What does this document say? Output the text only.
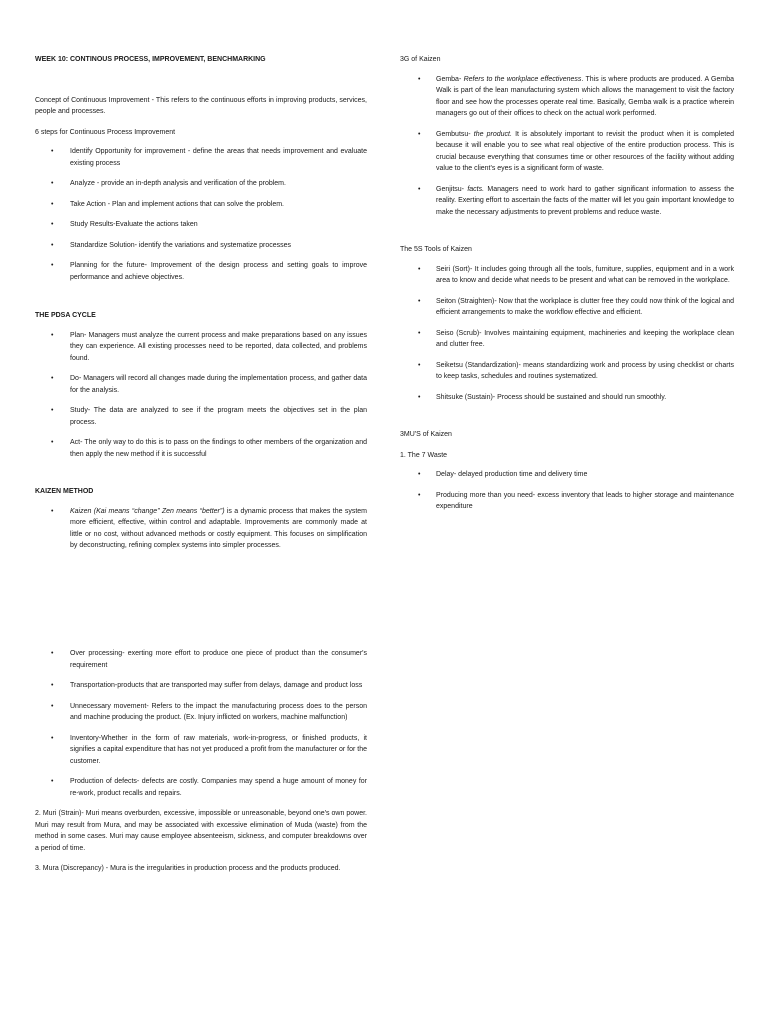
WEEK 10: CONTINOUS PROCESS, IMPROVEMENT, BENCHMARKING

Concept of Continuous Improvement - This refers to the continuous efforts in improving products, services, people and processes.

6 steps for Continuous Process Improvement

• Identify Opportunity for improvement - define the areas that needs improvement and evaluate existing process
• Analyze - provide an in-depth analysis and verification of the problem.
• Take Action - Plan and implement actions that can solve the problem.
• Study Results-Evaluate the actions taken
• Standardize Solution- identify the variations and systematize processes
• Planning for the future- Improvement of the design process and setting goals to improve performance and achieve objectives.

THE PDSA CYCLE

• Plan- Managers must analyze the current process and make preparations based on any issues they can experience. All existing processes need to be reported, data collected, and problems found.
• Do- Managers will record all changes made during the implementation process, and gather data for the analysis.
• Study- The data are analyzed to see if the program meets the objectives set in the plan process.
• Act- The only way to do this is to pass on the findings to other members of the organization and then apply the new method if it is successful

KAIZEN METHOD

• Kaizen (Kai means “change” Zen means “better”) is a dynamic process that makes the system more efficient, effective, within control and adaptable. Improvements are commonly made at little or no cost, without advanced methods or costly equipment. This focuses on simplification by deconstructing, refining complex systems into simpler processes.

3G of Kaizen

• Gemba- Refers to the workplace effectiveness. This is where products are produced. A Gemba Walk is part of the lean manufacturing system which allows the management to visit the factory floor and see how the processes operate real time. Basically, Gemba walk is a practice wherein managers go out of their offices to check on the actual work performed.
• Gembutsu- the product. It is absolutely important to revisit the product when it is completed because it will enable you to see what real objective of the entire production process. This is crucial because everything that consumes time or other resources of the facility without adding value to the client's eyes is a significant form of waste.
• Genjitsu- facts. Managers need to work hard to gather significant information to assess the reality. Exerting effort to ascertain the facts of the matter will let you gain important knowledge to make the necessary adjustments to prevent problems and reduce waste.

The 5S Tools of Kaizen

• Seiri (Sort)- It includes going through all the tools, furniture, supplies, equipment and in a work area to know and decide what needs to be present and what can be removed in the workplace.
• Seiton (Straighten)- Now that the workplace is clutter free they could now think of the logical and efficient arrangements to make the workflow effective and efficient.
• Seiso (Scrub)- Involves maintaining equipment, machineries and keeping the workplace clean and clutter free.
• Seiketsu (Standardization)- means standardizing work and process by using checklist or charts to keep tasks, schedules and routines systematized.
• Shitsuke (Sustain)- Process should be sustained and should run smoothly.

3MU'S of Kaizen

1. The 7 Waste

• Delay- delayed production time and delivery time
• Producing more than you need- excess inventory that leads to higher storage and maintenance expenditure
• Over processing- exerting more effort to produce one piece of product than the consumer's requirement
• Transportation-products that are transported may suffer from delays, damage and product loss
• Unnecessary movement- Refers to the impact the manufacturing process does to the person and machine producing the product. (Ex. Injury inflicted on workers, machine malfunction)
• Inventory-Whether in the form of raw materials, work-in-progress, or finished products, it signifies a capital expenditure that has not yet produced a profit from the manufacturer or for the customer.
• Production of defects- defects are costly. Companies may spend a huge amount of money for re-work, product recalls and repairs.

2. Muri (Strain)- Muri means overburden, excessive, impossible or unreasonable, beyond one's own power. Muri may result from Mura, and may be associated with excessive elimination of Muda (waste) from the method in some cases. Muri may cause employee absenteeism, sickness, and computer breakdowns over a period of time.

3. Mura (Discrepancy) - Mura is the irregularities in production process and the products produced.
